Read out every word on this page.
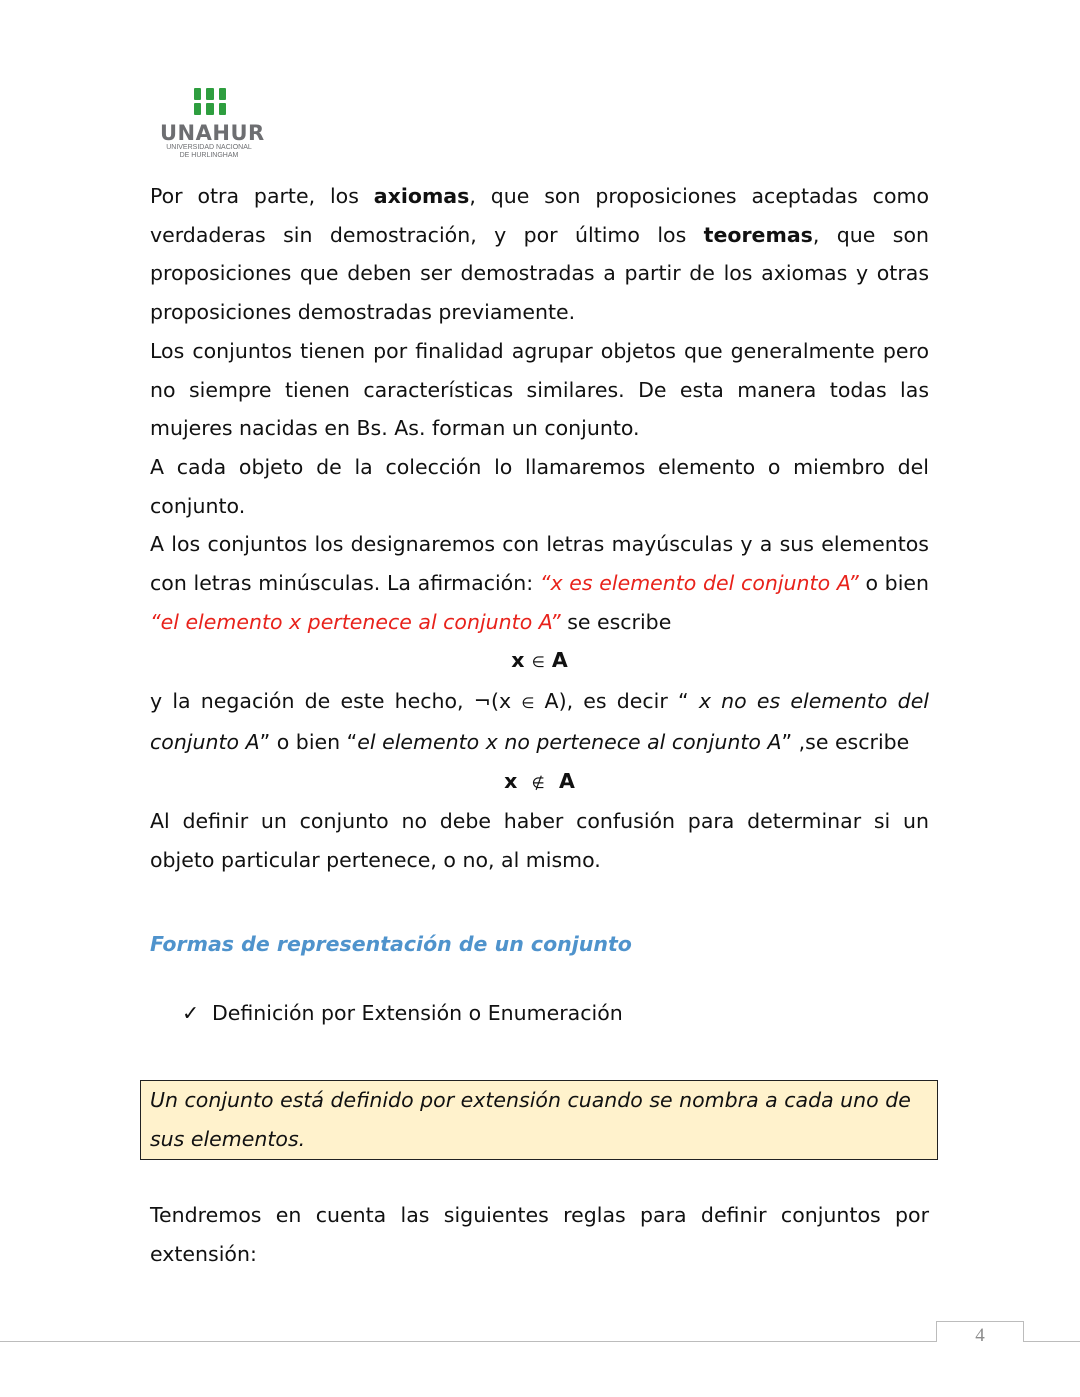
UNAHUR
UNIVERSIDAD NACIONAL
DE HURLINGHAM

Por otra parte, los axiomas, que son proposiciones aceptadas como verdaderas sin demostración, y por último los teoremas, que son proposiciones que deben ser demostradas a partir de los axiomas y otras proposiciones demostradas previamente.

Los conjuntos tienen por finalidad agrupar objetos que generalmente pero no siempre tienen características similares. De esta manera todas las mujeres nacidas en Bs. As. forman un conjunto.

A cada objeto de la colección lo llamaremos elemento o miembro del conjunto.

A los conjuntos los designaremos con letras mayúsculas y a sus elementos con letras minúsculas. La afirmación: “x es elemento del conjunto A” o bien “el elemento x pertenece al conjunto A” se escribe

x ∈ A

y la negación de este hecho, ¬(x ∈ A), es decir “ x no es elemento del conjunto A” o bien “el elemento x no pertenece al conjunto A” ,se escribe

x ∉ A

Al definir un conjunto no debe haber confusión para determinar si un objeto particular pertenece, o no, al mismo.

Formas de representación de un conjunto
✓ Definición por Extensión o Enumeración
Un conjunto está definido por extensión cuando se nombra a cada uno de sus elementos.
Tendremos en cuenta las siguientes reglas para definir conjuntos por extensión:
4
